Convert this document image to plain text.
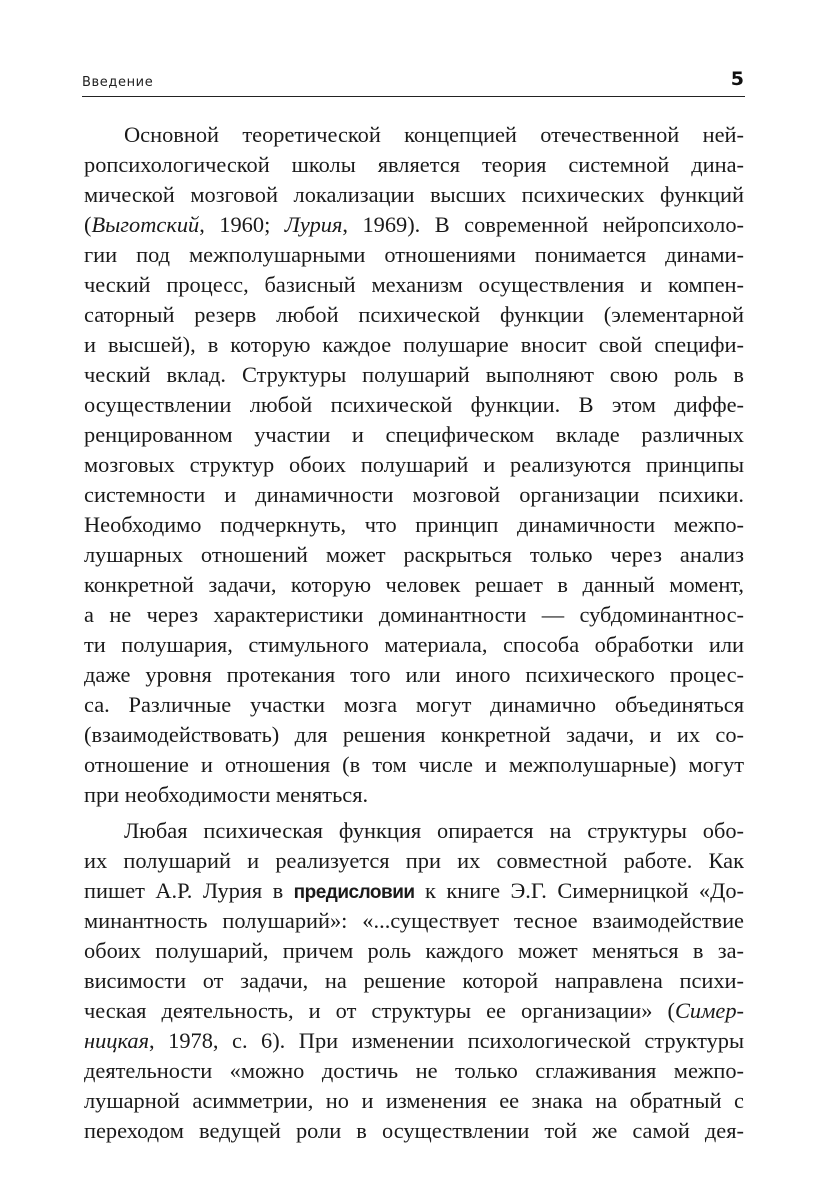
Введение	5
Основной теоретической концепцией отечественной ней-
ропсихологической школы является теория системной дина-
мической мозговой локализации высших психических функций
(Выготский, 1960; Лурия, 1969). В современной нейропсихоло-
гии под межполушарными отношениями понимается динами-
ческий процесс, базисный механизм осуществления и компен-
саторный резерв любой психической функции (элементарной
и высшей), в которую каждое полушарие вносит свой специфи-
ческий вклад. Структуры полушарий выполняют свою роль в
осуществлении любой психической функции. В этом диффе-
ренцированном участии и специфическом вкладе различных
мозговых структур обоих полушарий и реализуются принципы
системности и динамичности мозговой организации психики.
Необходимо подчеркнуть, что принцип динамичности межпо-
лушарных отношений может раскрыться только через анализ
конкретной задачи, которую человек решает в данный момент,
а не через характеристики доминантности — субдоминантнос-
ти полушария, стимульного материала, способа обработки или
даже уровня протекания того или иного психического процес-
са. Различные участки мозга могут динамично объединяться
(взаимодействовать) для решения конкретной задачи, и их со-
отношение и отношения (в том числе и межполушарные) могут
при необходимости меняться.
Любая психическая функция опирается на структуры обо-
их полушарий и реализуется при их совместной работе. Как
пишет А.Р. Лурия в предисловии к книге Э.Г. Симерницкой «До-
минантность полушарий»: «...существует тесное взаимодействие
обоих полушарий, причем роль каждого может меняться в за-
висимости от задачи, на решение которой направлена психи-
ческая деятельность, и от структуры ее организации» (Симер-
ницкая, 1978, с. 6). При изменении психологической структуры
деятельности «можно достичь не только сглаживания межпо-
лушарной асимметрии, но и изменения ее знака на обратный с
переходом ведущей роли в осуществлении той же самой дея-
